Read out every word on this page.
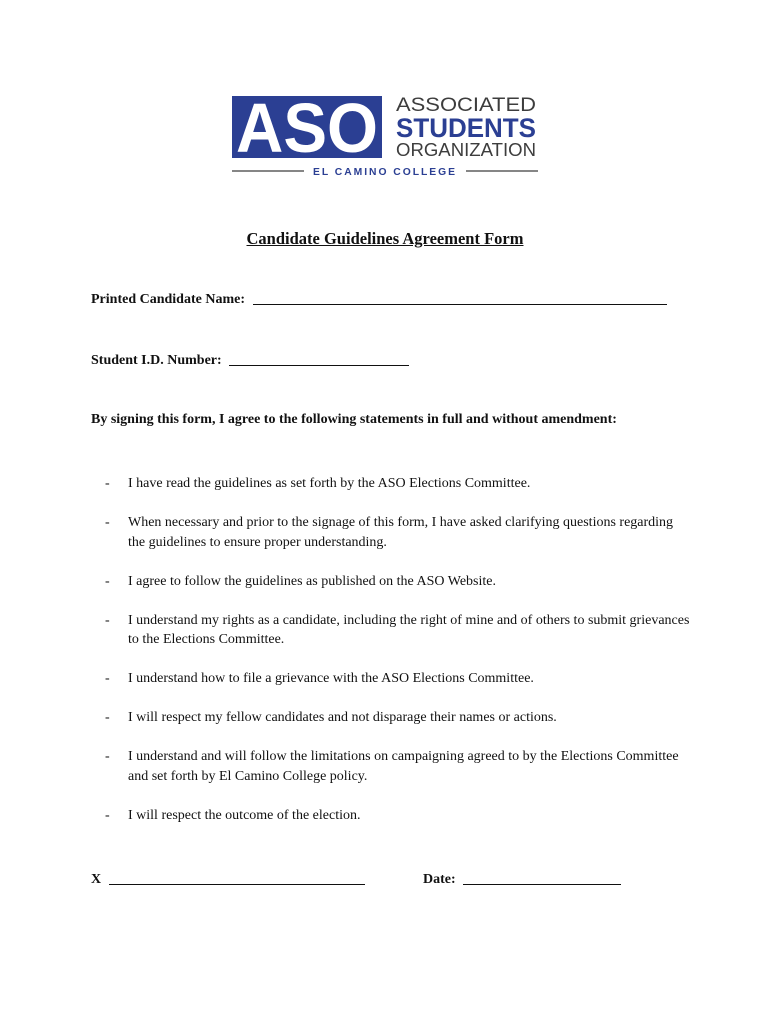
ASO ASSOCIATED
STUDENTS
ORGANIZATION
EL CAMINO COLLEGE
Candidate Guidelines Agreement Form
Printed Candidate Name:
Student I.D. Number:
By signing this form, I agree to the following statements in full and without amendment:
- I have read the guidelines as set forth by the ASO Elections Committee.
- When necessary and prior to the signage of this form, I have asked clarifying questions regarding the guidelines to ensure proper understanding.
- I agree to follow the guidelines as published on the ASO Website.
- I understand my rights as a candidate, including the right of mine and of others to submit grievances to the Elections Committee.
- I understand how to file a grievance with the ASO Elections Committee.
- I will respect my fellow candidates and not disparage their names or actions.
- I understand and will follow the limitations on campaigning agreed to by the Elections Committee and set forth by El Camino College policy.
- I will respect the outcome of the election.
X	Date:
